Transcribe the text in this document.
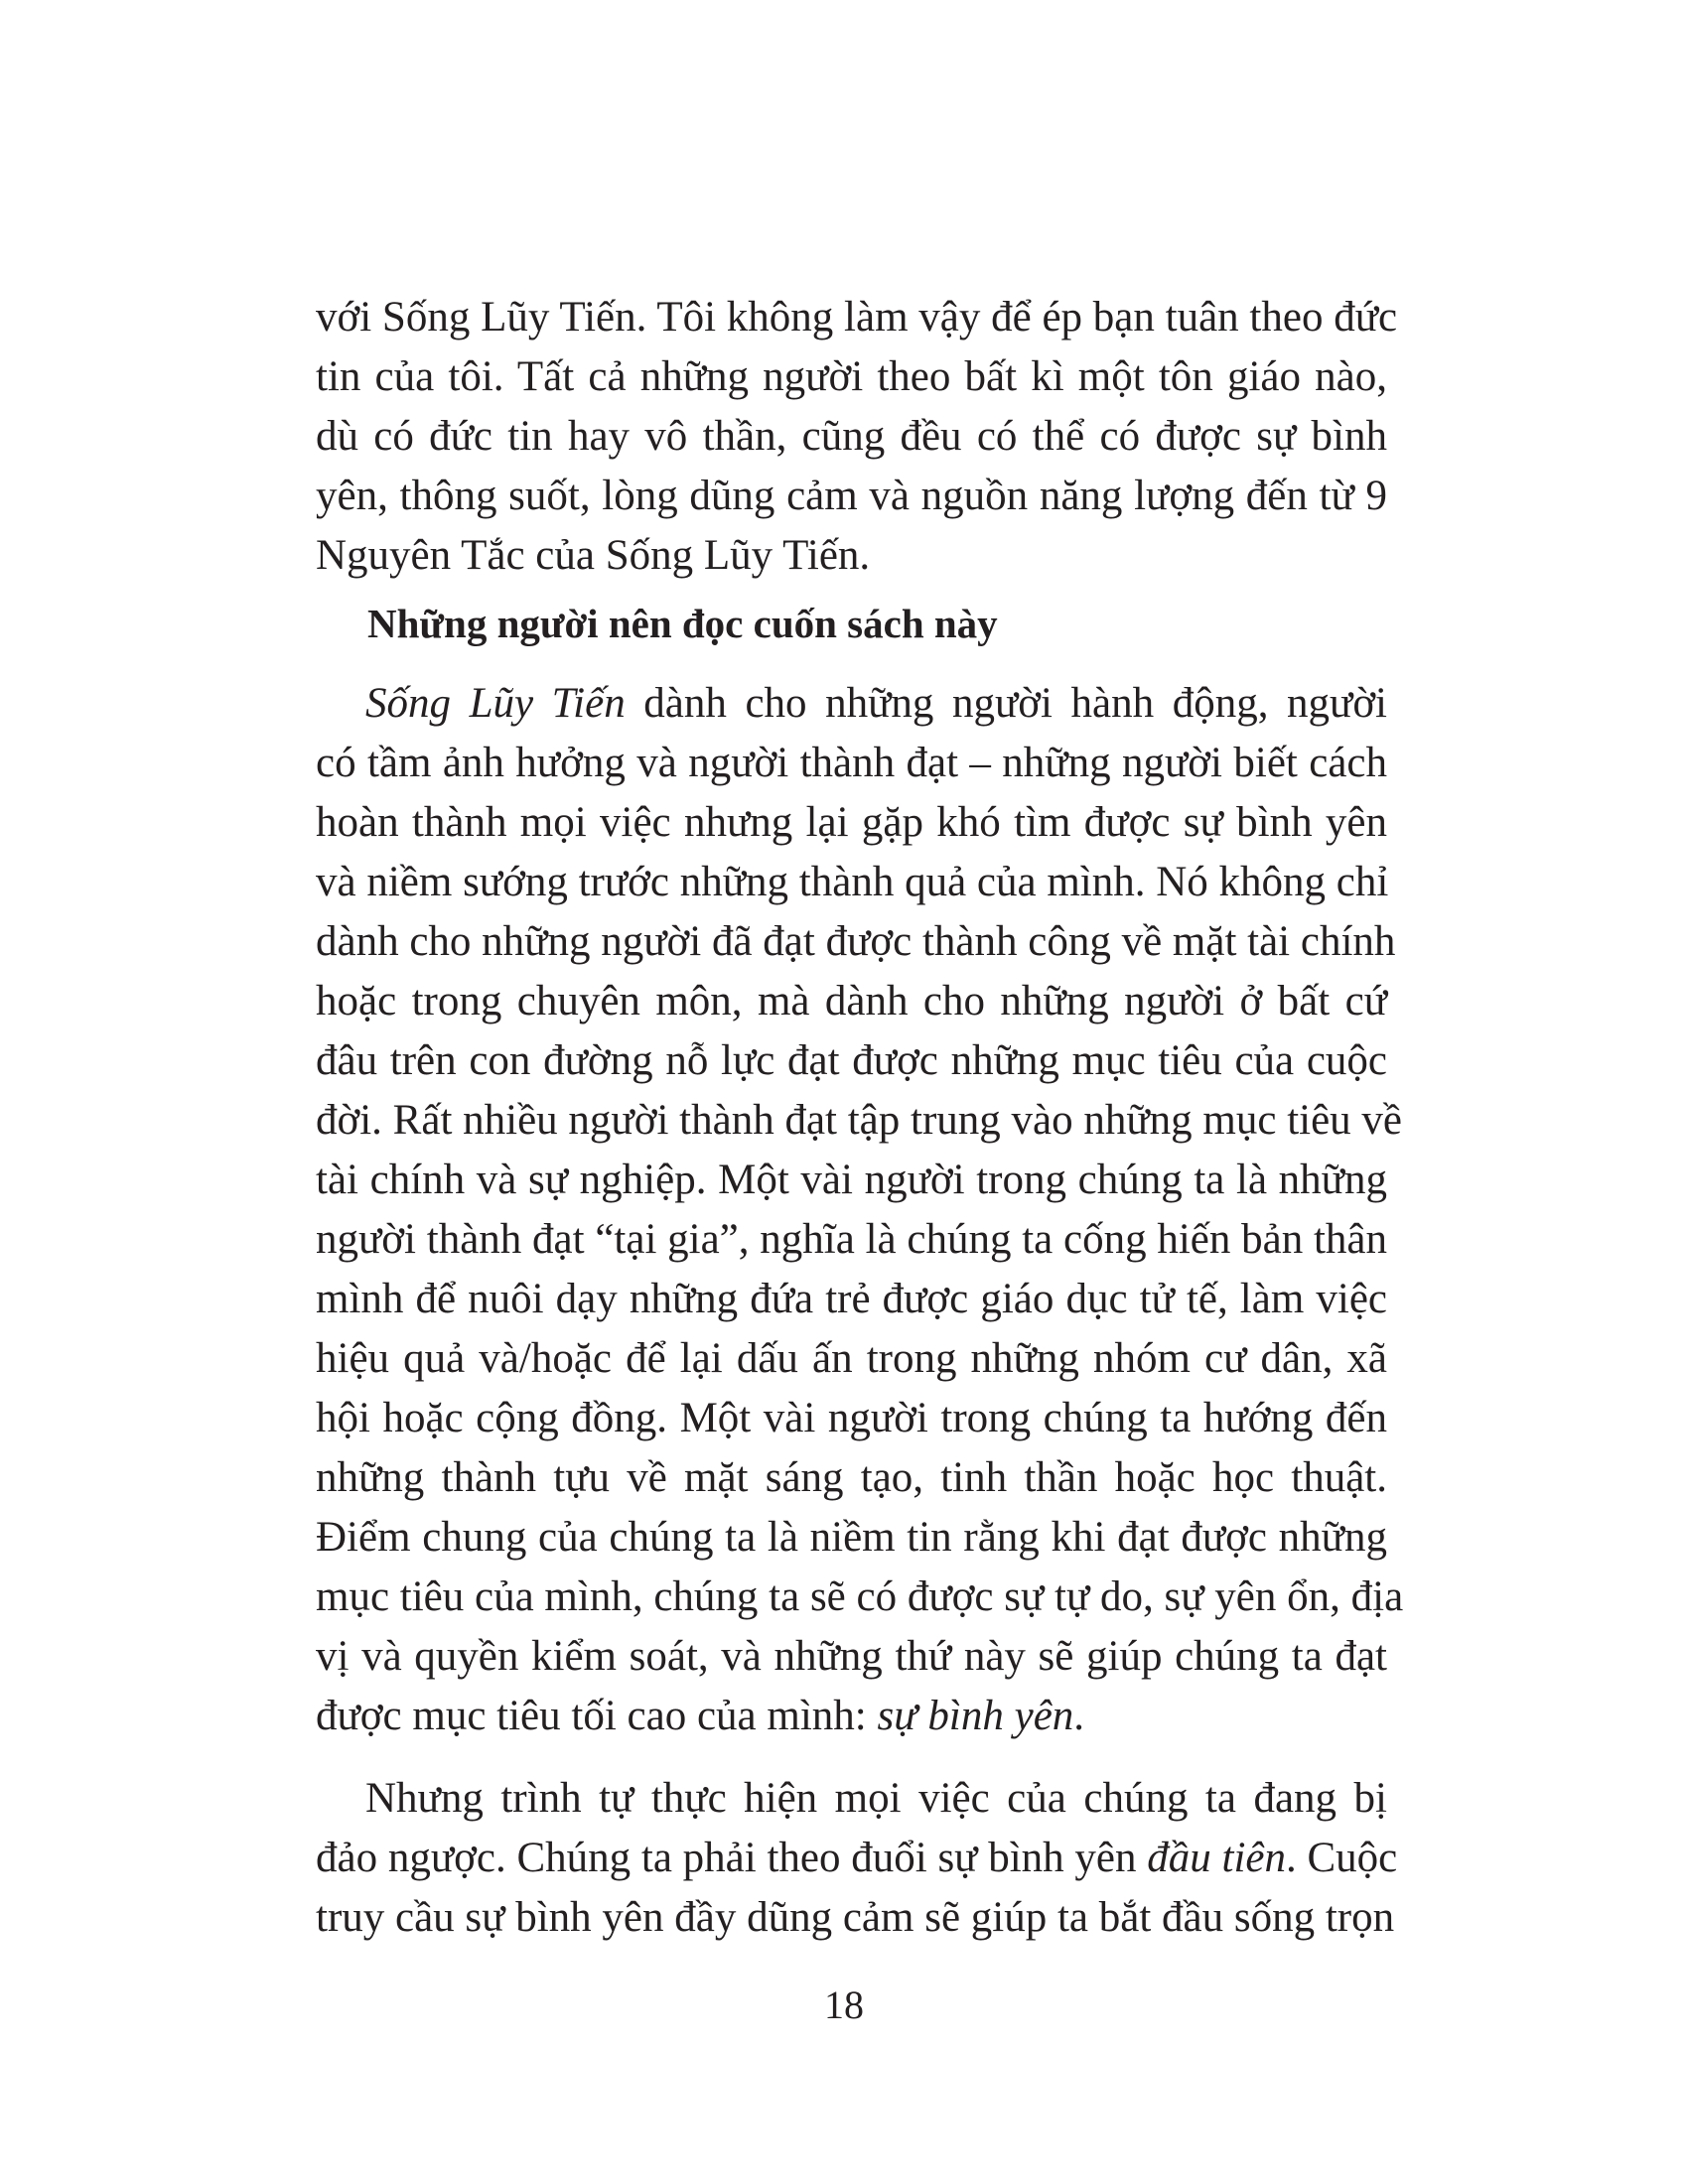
với Sống Lũy Tiến. Tôi không làm vậy để ép bạn tuân theo đức
tin của tôi. Tất cả những người theo bất kì một tôn giáo nào,
dù có đức tin hay vô thần, cũng đều có thể có được sự bình
yên, thông suốt, lòng dũng cảm và nguồn năng lượng đến từ 9
Nguyên Tắc của Sống Lũy Tiến.
Những người nên đọc cuốn sách này
Sống Lũy Tiến dành cho những người hành động, người
có tầm ảnh hưởng và người thành đạt – những người biết cách
hoàn thành mọi việc nhưng lại gặp khó tìm được sự bình yên
và niềm sướng trước những thành quả của mình. Nó không chỉ
dành cho những người đã đạt được thành công về mặt tài chính
hoặc trong chuyên môn, mà dành cho những người ở bất cứ
đâu trên con đường nỗ lực đạt được những mục tiêu của cuộc
đời. Rất nhiều người thành đạt tập trung vào những mục tiêu về
tài chính và sự nghiệp. Một vài người trong chúng ta là những
người thành đạt “tại gia”, nghĩa là chúng ta cống hiến bản thân
mình để nuôi dạy những đứa trẻ được giáo dục tử tế, làm việc
hiệu quả và/hoặc để lại dấu ấn trong những nhóm cư dân, xã
hội hoặc cộng đồng. Một vài người trong chúng ta hướng đến
những thành tựu về mặt sáng tạo, tinh thần hoặc học thuật.
Điểm chung của chúng ta là niềm tin rằng khi đạt được những
mục tiêu của mình, chúng ta sẽ có được sự tự do, sự yên ổn, địa
vị và quyền kiểm soát, và những thứ này sẽ giúp chúng ta đạt
được mục tiêu tối cao của mình: sự bình yên.
Nhưng trình tự thực hiện mọi việc của chúng ta đang bị
đảo ngược. Chúng ta phải theo đuổi sự bình yên đầu tiên. Cuộc
truy cầu sự bình yên đầy dũng cảm sẽ giúp ta bắt đầu sống trọn
18
